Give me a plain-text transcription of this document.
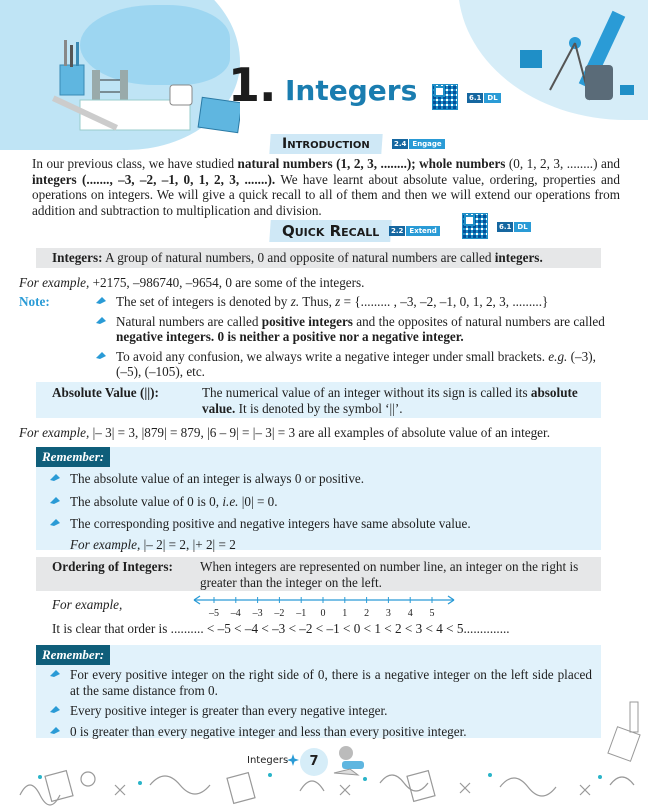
1. Integers	6.1 DL
Introduction	2.4 Engage
In our previous class, we have studied natural numbers (1, 2, 3, ........); whole numbers (0, 1, 2, 3, ........) and integers (......., –3, –2, –1, 0, 1, 2, 3, .......). We have learnt about absolute value, ordering, properties and operations on integers. We will give a quick recall to all of them and then we will extend our operations from addition and subtraction to multiplication and division.
Quick Recall	2.2 Extend	6.1 DL
Integers: A group of natural numbers, 0 and opposite of natural numbers are called integers.
For example, +2175, –986740, –9654, 0 are some of the integers.
Note:	The set of integers is denoted by z. Thus, z = {......... , –3, –2, –1, 0, 1, 2, 3, .........}
Natural numbers are called positive integers and the opposites of natural numbers are called negative integers. 0 is neither a positive nor a negative integer.
To avoid any confusion, we always write a negative integer under small brackets. e.g. (–3), (–5), (–105), etc.
Absolute Value (||):	The numerical value of an integer without its sign is called its absolute value. It is denoted by the symbol ‘||’.
For example, |– 3| = 3, |879| = 879, |6 – 9| = |– 3| = 3 are all examples of absolute value of an integer.
Remember:
The absolute value of an integer is always 0 or positive.
The absolute value of 0 is 0, i.e. |0| = 0.
The corresponding positive and negative integers have same absolute value.
For example, |– 2| = 2, |+ 2| = 2
Ordering of Integers: When integers are represented on number line, an integer on the right is greater than the integer on the left.
For example,
–5 –4 –3 –2 –1 0 1 2 3 4 5
It is clear that order is .......... < –5 < –4 < –3 < –2 < –1 < 0 < 1 < 2 < 3 < 4 < 5..............
Remember:
For every positive integer on the right side of 0, there is a negative integer on the left side placed at the same distance from 0.
Every positive integer is greater than every negative integer.
0 is greater than every negative integer and less than every positive integer.
Integers	7
